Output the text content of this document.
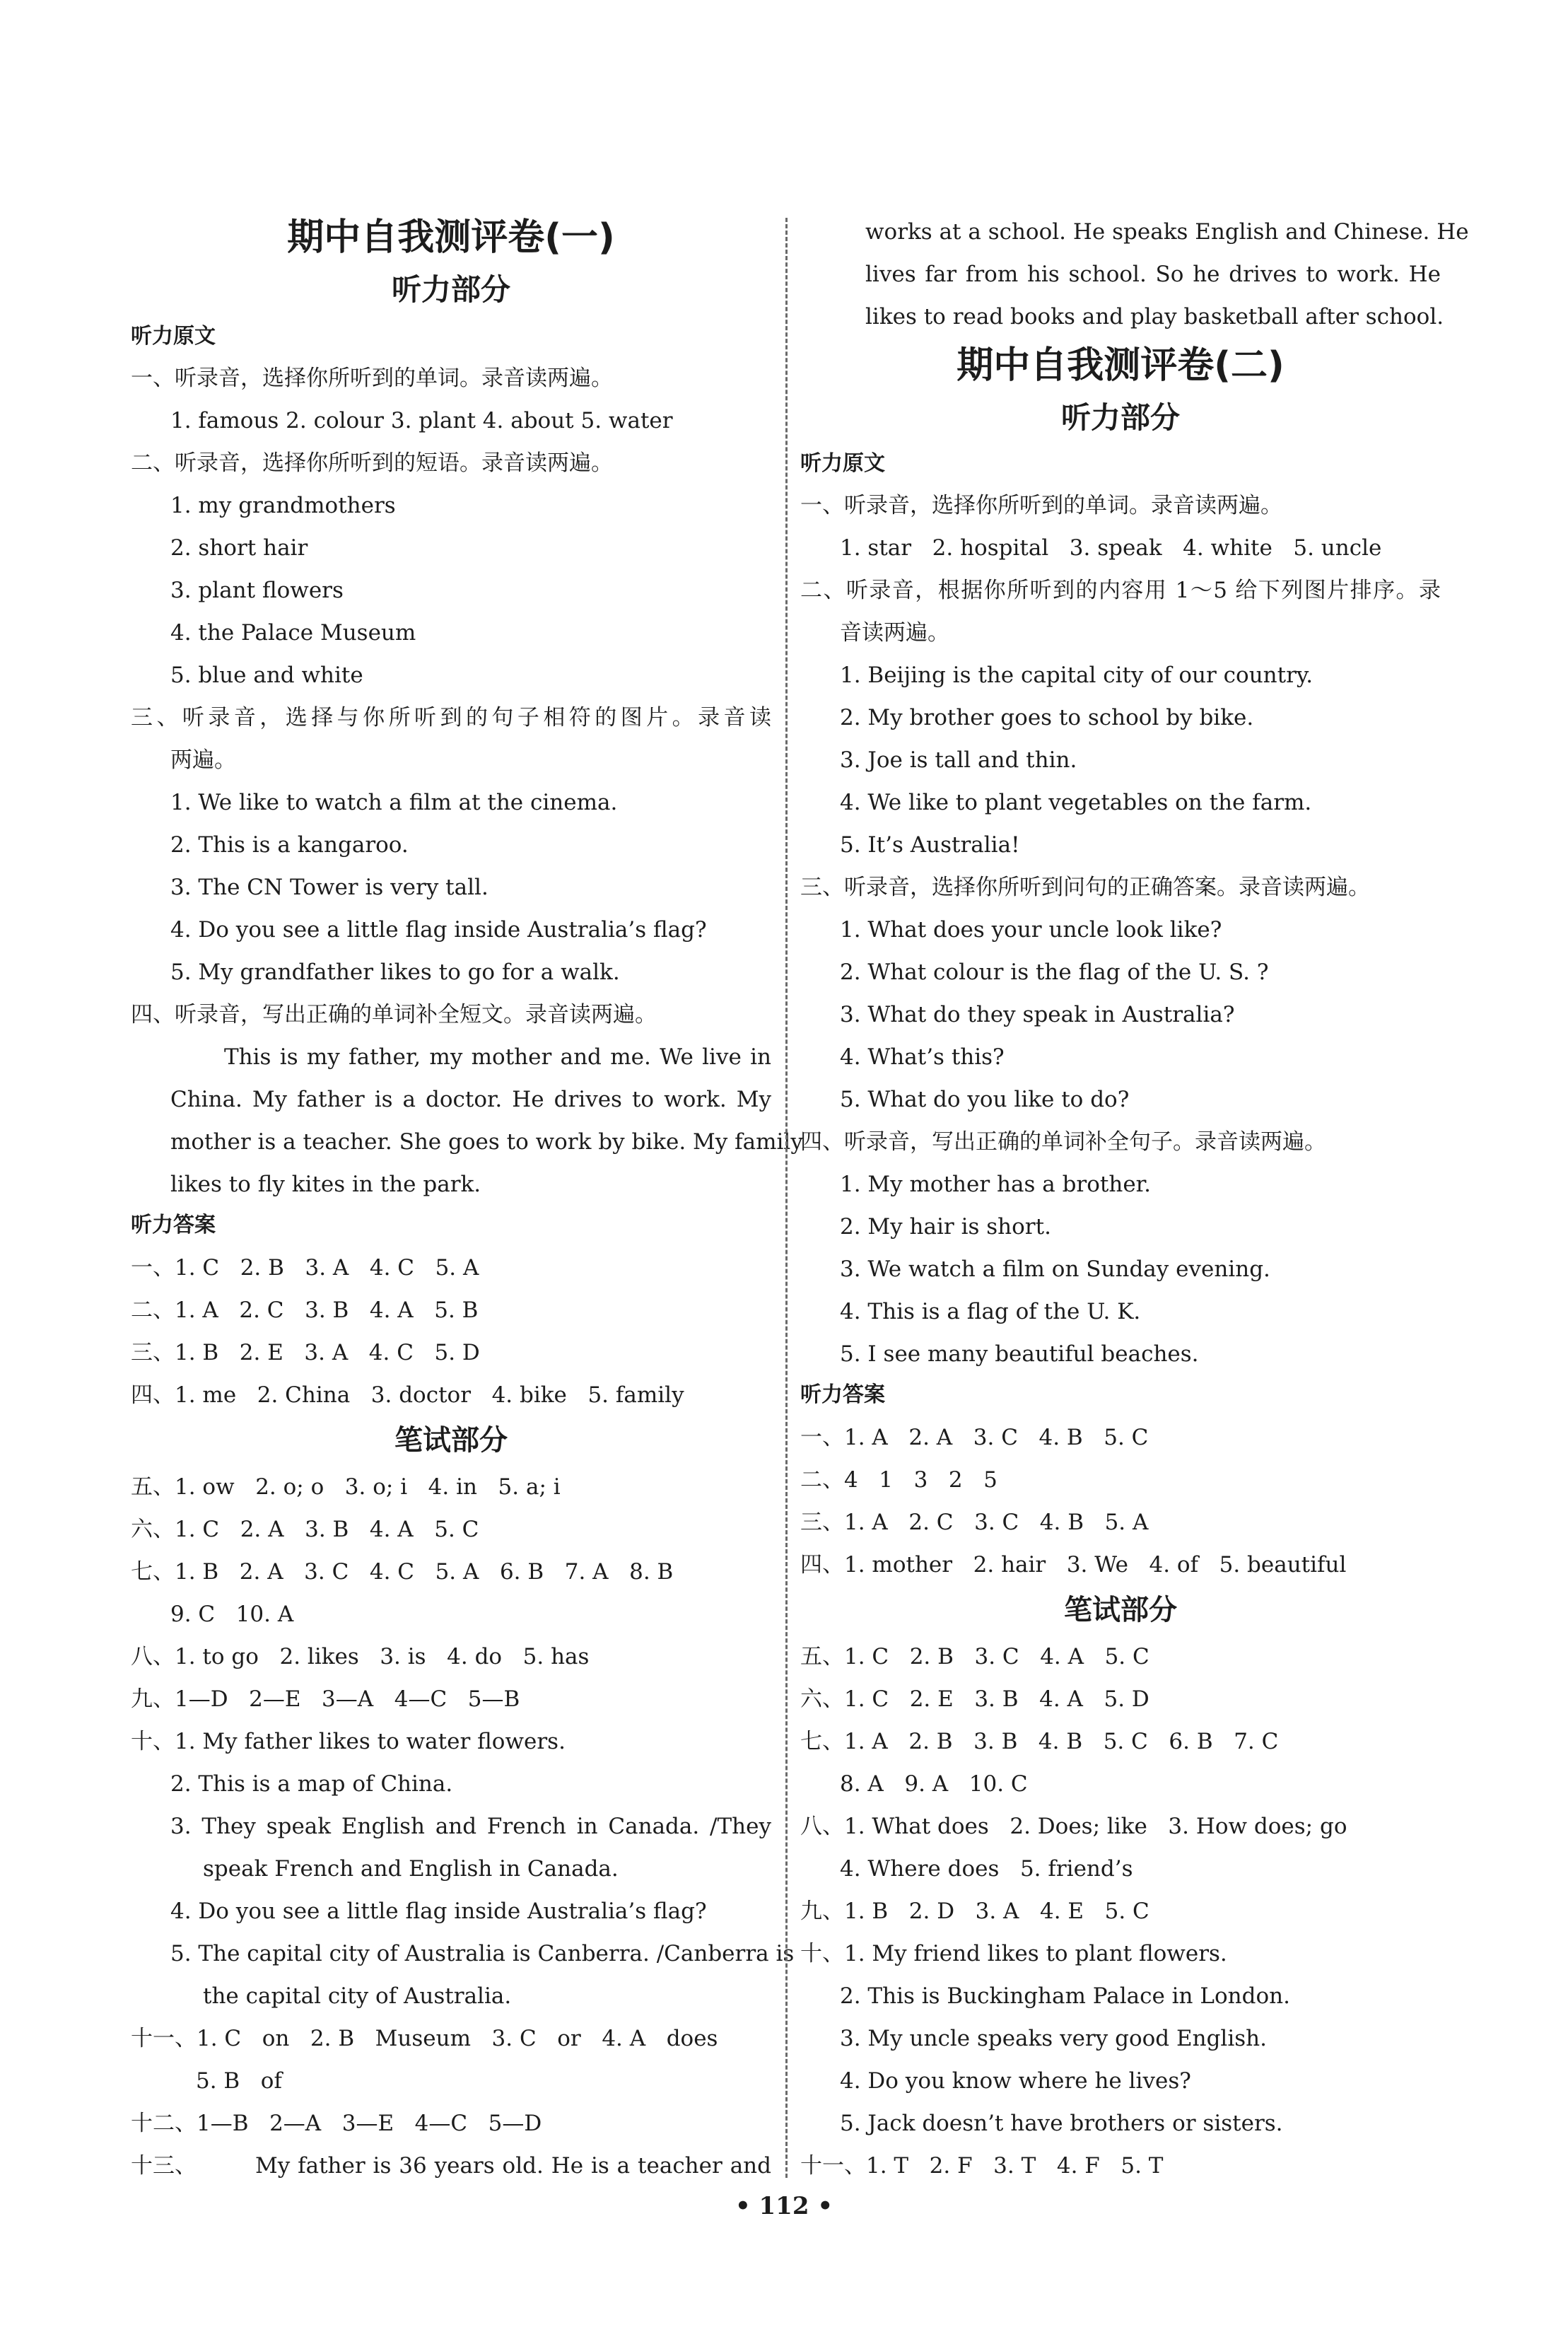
期中自我测评卷(一)
听力部分
听力原文
一、听录音，选择你所听到的单词。录音读两遍。
1. famous 2. colour 3. plant 4. about 5. water
二、听录音，选择你所听到的短语。录音读两遍。
1. my grandmothers
2. short hair
3. plant flowers
4. the Palace Museum
5. blue and white
三、听录音，选择与你所听到的句子相符的图片。录音读
两遍。
1. We like to watch a film at the cinema.
2. This is a kangaroo.
3. The CN Tower is very tall.
4. Do you see a little flag inside Australia’s flag?
5. My grandfather likes to go for a walk.
四、听录音，写出正确的单词补全短文。录音读两遍。
This is my father, my mother and me. We live in
China. My father is a doctor. He drives to work. My
mother is a teacher. She goes to work by bike. My family
likes to fly kites in the park.
听力答案
一、1. C   2. B   3. A   4. C   5. A
二、1. A   2. C   3. B   4. A   5. B
三、1. B   2. E   3. A   4. C   5. D
四、1. me   2. China   3. doctor   4. bike   5. family
笔试部分
五、1. ow   2. o; o   3. o; i   4. in   5. a; i
六、1. C   2. A   3. B   4. A   5. C
七、1. B   2. A   3. C   4. C   5. A   6. B   7. A   8. B
9. C   10. A
八、1. to go   2. likes   3. is   4. do   5. has
九、1—D   2—E   3—A   4—C   5—B
十、1. My father likes to water flowers.
2. This is a map of China.
3. They speak English and French in Canada. /They
speak French and English in Canada.
4. Do you see a little flag inside Australia’s flag?
5. The capital city of Australia is Canberra. /Canberra is
the capital city of Australia.
十一、1. C   on   2. B   Museum   3. C   or   4. A   does
5. B   of
十二、1—B   2—A   3—E   4—C   5—D
十三、	My father is 36 years old. He is a teacher and
works at a school. He speaks English and Chinese. He
lives far from his school. So he drives to work. He
likes to read books and play basketball after school.
期中自我测评卷(二)
听力部分
听力原文
一、听录音，选择你所听到的单词。录音读两遍。
1. star   2. hospital   3. speak   4. white   5. uncle
二、听录音，根据你所听到的内容用 1～5 给下列图片排序。录
音读两遍。
1. Beijing is the capital city of our country.
2. My brother goes to school by bike.
3. Joe is tall and thin.
4. We like to plant vegetables on the farm.
5. It’s Australia!
三、听录音，选择你所听到问句的正确答案。录音读两遍。
1. What does your uncle look like?
2. What colour is the flag of the U. S. ?
3. What do they speak in Australia?
4. What’s this?
5. What do you like to do?
四、听录音，写出正确的单词补全句子。录音读两遍。
1. My mother has a brother.
2. My hair is short.
3. We watch a film on Sunday evening.
4. This is a flag of the U. K.
5. I see many beautiful beaches.
听力答案
一、1. A   2. A   3. C   4. B   5. C
二、4   1   3   2   5
三、1. A   2. C   3. C   4. B   5. A
四、1. mother   2. hair   3. We   4. of   5. beautiful
笔试部分
五、1. C   2. B   3. C   4. A   5. C
六、1. C   2. E   3. B   4. A   5. D
七、1. A   2. B   3. B   4. B   5. C   6. B   7. C
8. A   9. A   10. C
八、1. What does   2. Does; like   3. How does; go
4. Where does   5. friend’s
九、1. B   2. D   3. A   4. E   5. C
十、1. My friend likes to plant flowers.
2. This is Buckingham Palace in London.
3. My uncle speaks very good English.
4. Do you know where he lives?
5. Jack doesn’t have brothers or sisters.
十一、1. T   2. F   3. T   4. F   5. T
• 112 •
